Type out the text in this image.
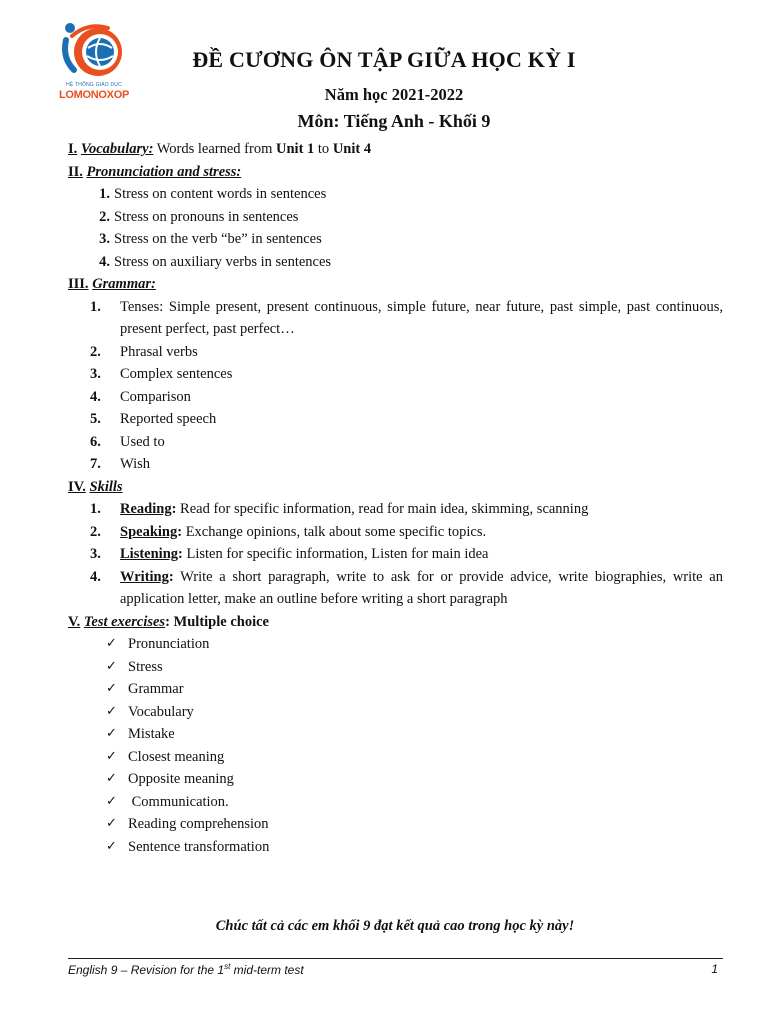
HỆ THỐNG GIÁO DỤC
LOMONOXOP
ĐỀ CƯƠNG ÔN TẬP GIỮA HỌC KỲ I
Năm học 2021-2022
Môn: Tiếng Anh - Khối 9
I. Vocabulary: Words learned from Unit 1 to Unit 4
II. Pronunciation and stress:
1. Stress on content words in sentences
2. Stress on pronouns in sentences
3. Stress on the verb “be” in sentences
4. Stress on auxiliary verbs in sentences
III. Grammar:
1.	Tenses: Simple present, present continuous, simple future, near future, past simple, past continuous, present perfect, past perfect…
2.	Phrasal verbs
3.	Complex sentences
4.	Comparison
5.	Reported speech
6.	Used to
7.	Wish
IV. Skills
1.	Reading: Read for specific information, read for main idea, skimming, scanning
2.	Speaking: Exchange opinions, talk about some specific topics.
3.	Listening: Listen for specific information, Listen for main idea
4.	Writing: Write a short paragraph, write to ask for or provide advice, write biographies, write an application letter, make an outline before writing a short paragraph
V. Test exercises: Multiple choice
✓ Pronunciation
✓ Stress
✓ Grammar
✓ Vocabulary
✓ Mistake
✓ Closest meaning
✓ Opposite meaning
✓ Communication.
✓ Reading comprehension
✓ Sentence transformation
Chúc tất cả các em khối 9 đạt kết quả cao trong học kỳ này!
English 9 – Revision for the 1st mid-term test	1
